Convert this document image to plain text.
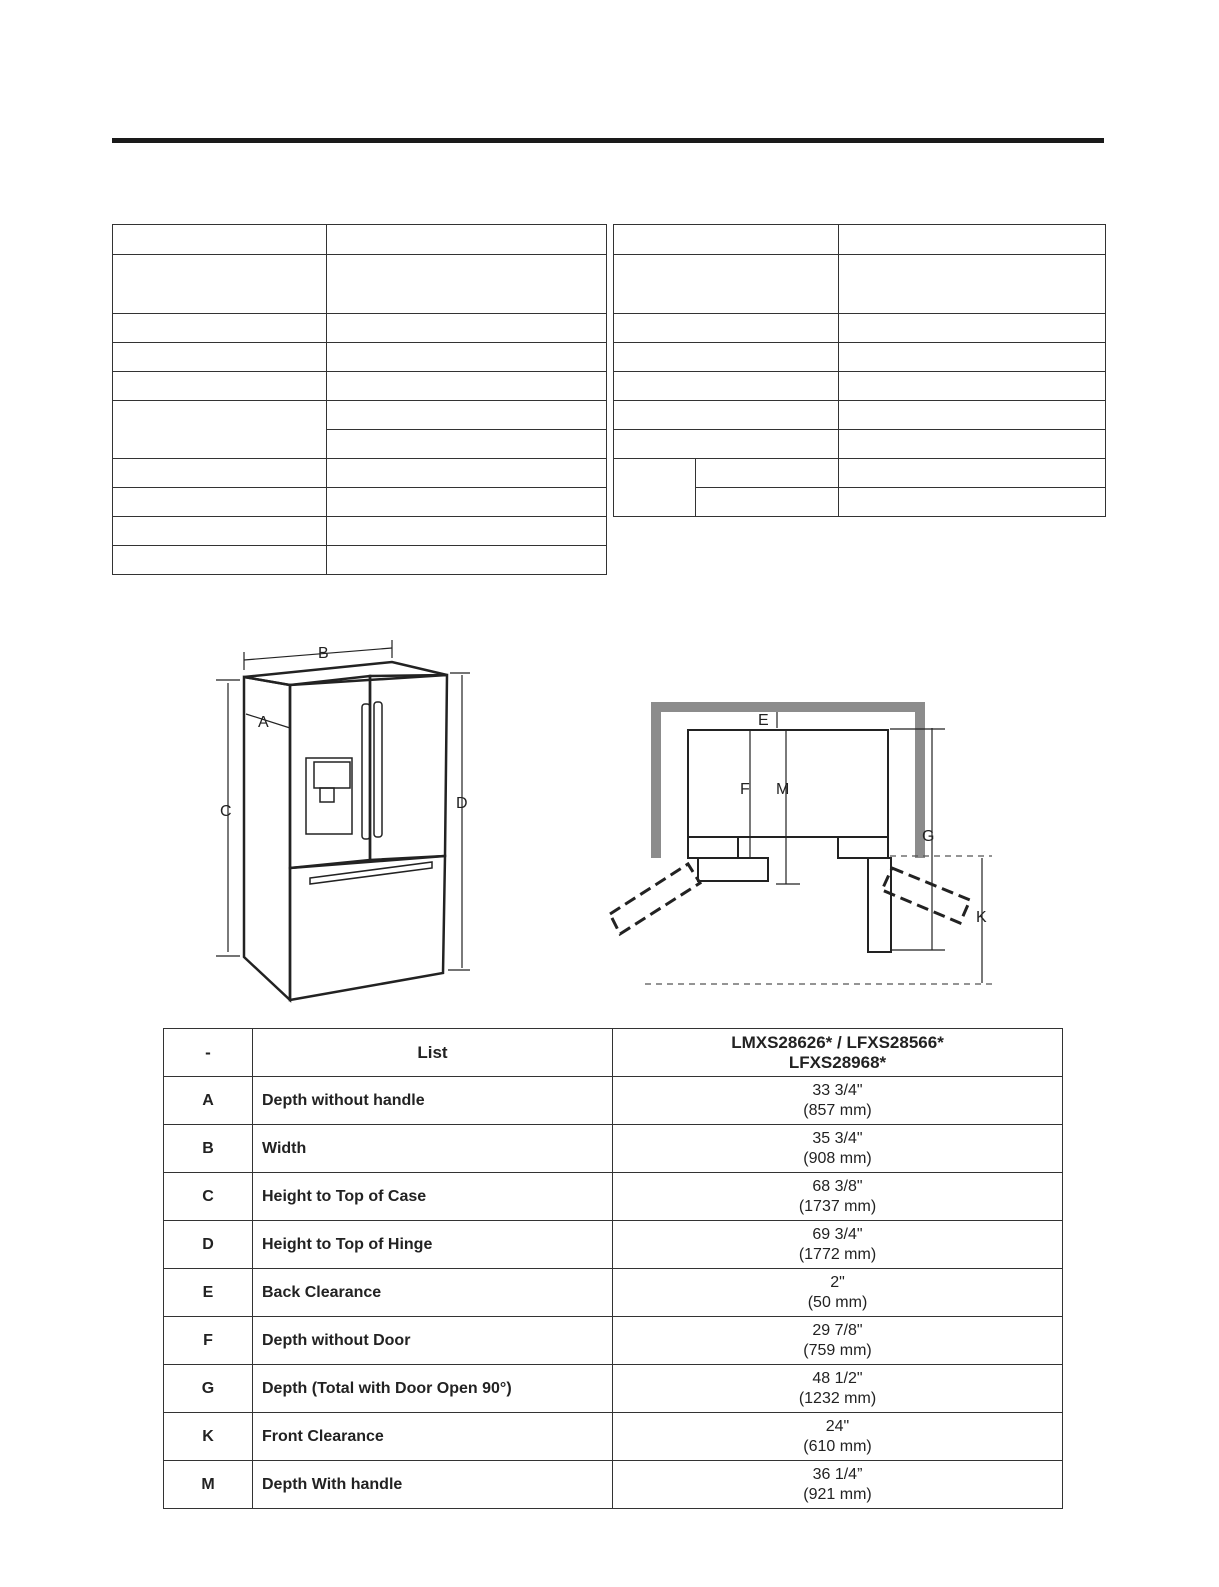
B
A
C	D
E
F M
G
K
-	List	LMXS28626* / LFXS28566*
LFXS28968*

A	Depth without handle	33 3/4"
(857 mm)

B	Width	35 3/4"
(908 mm)

C	Height to Top of Case	68 3/8"
(1737 mm)

D	Height to Top of Hinge	69 3/4"
(1772 mm)

E	Back Clearance	2"
(50 mm)

F	Depth without Door	29 7/8"
(759 mm)

G	Depth (Total with Door Open 90°)	48 1/2"
(1232 mm)

K	Front Clearance	24"
(610 mm)

M	Depth With handle	36 1/4”
(921 mm)
